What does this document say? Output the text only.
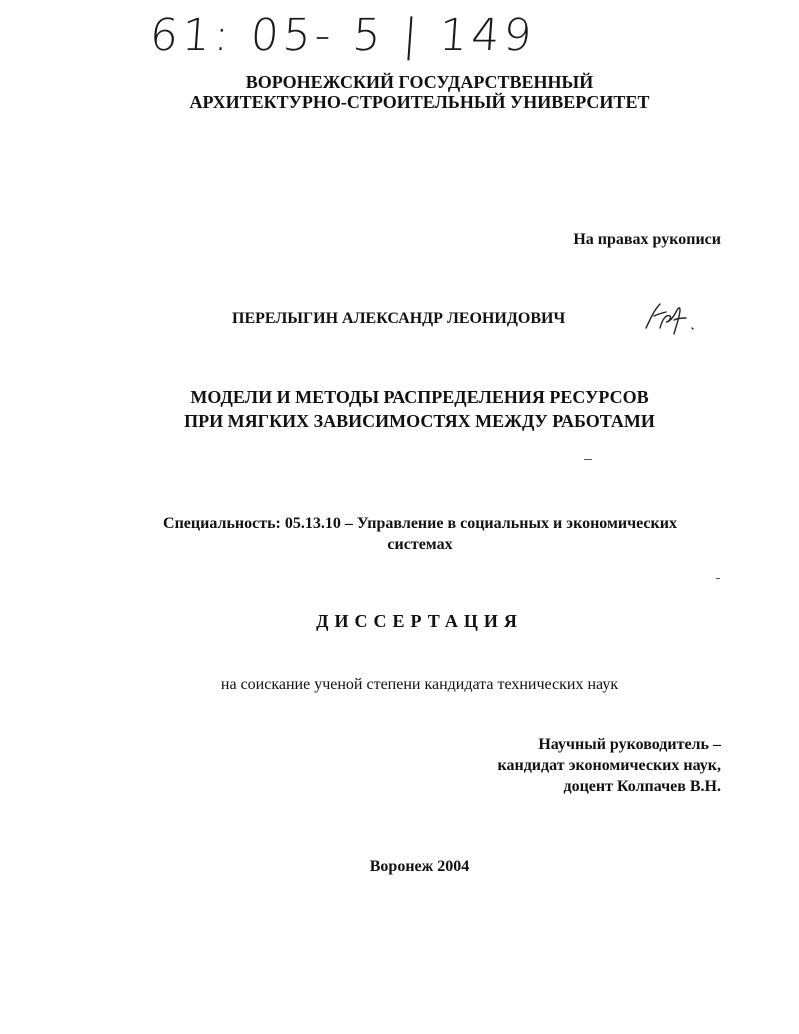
61: 05- 5 | 149
ВОРОНЕЖСКИЙ ГОСУДАРСТВЕННЫЙ
АРХИТЕКТУРНО-СТРОИТЕЛЬНЫЙ УНИВЕРСИТЕТ
На правах рукописи
ПЕРЕЛЫГИН АЛЕКСАНДР ЛЕОНИДОВИЧ
МОДЕЛИ И МЕТОДЫ РАСПРЕДЕЛЕНИЯ РЕСУРСОВ
ПРИ МЯГКИХ ЗАВИСИМОСТЯХ МЕЖДУ РАБОТАМИ
Специальность: 05.13.10 – Управление в социальных и экономических
системах
ДИССЕРТАЦИЯ
на соискание ученой степени кандидата технических наук
Научный руководитель –
кандидат экономических наук,
доцент Колпачев В.Н.
Воронеж 2004
